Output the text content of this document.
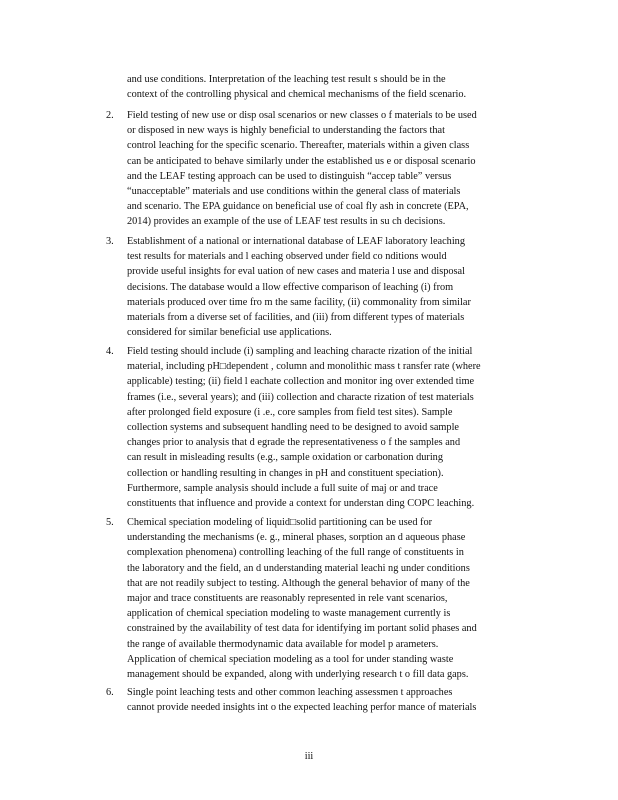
and use conditions. Interpretation of the leaching test result s should be in the
context of the controlling physical and chemical mechanisms of the field scenario.
2.	Field testing of new use or disp osal scenarios or new classes o f materials to be used
or disposed in new ways is highly beneficial to understanding the factors that
control leaching for the specific scenario. Thereafter, materials within a given class
can be anticipated to behave similarly under the established us e or disposal scenario
and the LEAF testing approach can be used to distinguish “accep table” versus
“unacceptable” materials and use conditions within the general class of materials
and scenario. The EPA guidance on beneficial use of coal fly ash in concrete (EPA,
2014) provides an example of the use of LEAF test results in su ch decisions.
3.	Establishment of a national or international database of LEAF laboratory leaching
test results for materials and l eaching observed under field co nditions would
provide useful insights for eval uation of new cases and materia l use and disposal
decisions. The database would a llow effective comparison of leaching (i) from
materials produced over time fro m the same facility, (ii) commonality from similar
materials from a diverse set of facilities, and (iii) from different types of materials
considered for similar beneficial use applications.
4.	Field testing should include (i) sampling and leaching characte rization of the initial
material, including pH□dependent , column and monolithic mass t ransfer rate (where
applicable) testing; (ii) field l eachate collection and monitor ing over extended time
frames (i.e., several years); and (iii) collection and characte rization of test materials
after prolonged field exposure (i .e., core samples from field test sites). Sample
collection systems and subsequent handling need to be designed to avoid sample
changes prior to analysis that d egrade the representativeness o f the samples and
can result in misleading results (e.g., sample oxidation or carbonation during
collection or handling resulting in changes in pH and constituent speciation).
Furthermore, sample analysis should include a full suite of maj or and trace
constituents that influence and provide a context for understan ding COPC leaching.
5.	Chemical speciation modeling of liquid□solid partitioning can be used for
understanding the mechanisms (e. g., mineral phases, sorption an d aqueous phase
complexation phenomena) controlling leaching of the full range of constituents in
the laboratory and the field, an d understanding material leachi ng under conditions
that are not readily subject to testing. Although the general behavior of many of the
major and trace constituents are reasonably represented in rele vant scenarios,
application of chemical speciation modeling to waste management currently is
constrained by the availability of test data for identifying im portant solid phases and
the range of available thermodynamic data available for model p arameters.
Application of chemical speciation modeling as a tool for under standing waste
management should be expanded, along with underlying research t o fill data gaps.
6.	Single point leaching tests and other common leaching assessmen t approaches
cannot provide needed insights int o the expected leaching perfor mance of materials
iii
